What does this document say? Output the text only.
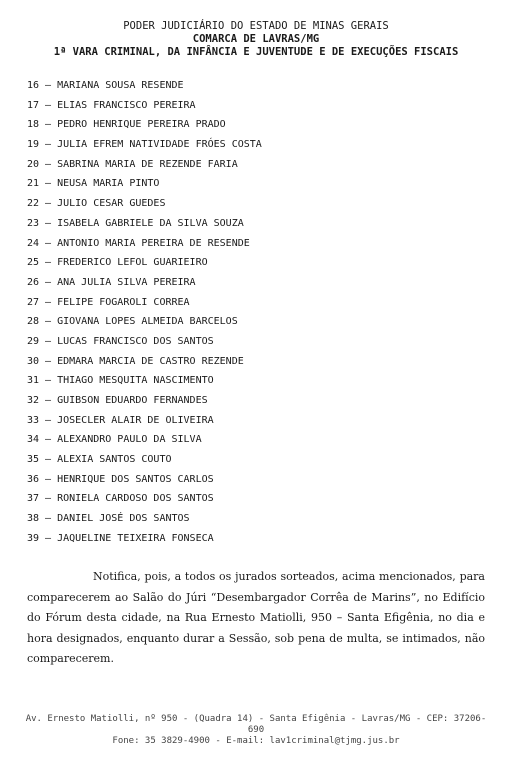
PODER JUDICIÁRIO DO ESTADO DE MINAS GERAIS
COMARCA DE LAVRAS/MG
1ª VARA CRIMINAL, DA INFÂNCIA E JUVENTUDE E DE EXECUÇÕES FISCAIS
16 – MARIANA SOUSA RESENDE
17 – ELIAS FRANCISCO PEREIRA
18 – PEDRO HENRIQUE PEREIRA PRADO
19 – JULIA EFREM NATIVIDADE FRÓES COSTA
20 – SABRINA MARIA DE REZENDE FARIA
21 – NEUSA MARIA PINTO
22 – JULIO CESAR GUEDES
23 – ISABELA GABRIELE DA SILVA SOUZA
24 – ANTONIO MARIA PEREIRA DE RESENDE
25 – FREDERICO LEFOL GUARIEIRO
26 – ANA JULIA SILVA PEREIRA
27 – FELIPE FOGAROLI CORREA
28 – GIOVANA LOPES ALMEIDA BARCELOS
29 – LUCAS FRANCISCO DOS SANTOS
30 – EDMARA MARCIA DE CASTRO REZENDE
31 – THIAGO MESQUITA NASCIMENTO
32 – GUIBSON EDUARDO FERNANDES
33 – JOSECLER ALAIR DE OLIVEIRA
34 – ALEXANDRO PAULO DA SILVA
35 – ALEXIA SANTOS COUTO
36 – HENRIQUE DOS SANTOS CARLOS
37 – RONIELA CARDOSO DOS SANTOS
38 – DANIEL JOSÉ DOS SANTOS
39 – JAQUELINE TEIXEIRA FONSECA

Notifica, pois, a todos os jurados sorteados, acima mencionados, para comparecerem ao Salão do Júri “Desembargador Corrêa de Marins”, no Edifício do Fórum desta cidade, na Rua Ernesto Matiolli, 950 – Santa Efigênia, no dia e hora designados, enquanto durar a Sessão, sob pena de multa, se intimados, não comparecerem.

Av. Ernesto Matiolli, nº 950 - (Quadra 14) - Santa Efigênia - Lavras/MG - CEP: 37206-690
Fone: 35 3829-4900 - E-mail: lav1criminal@tjmg.jus.br
